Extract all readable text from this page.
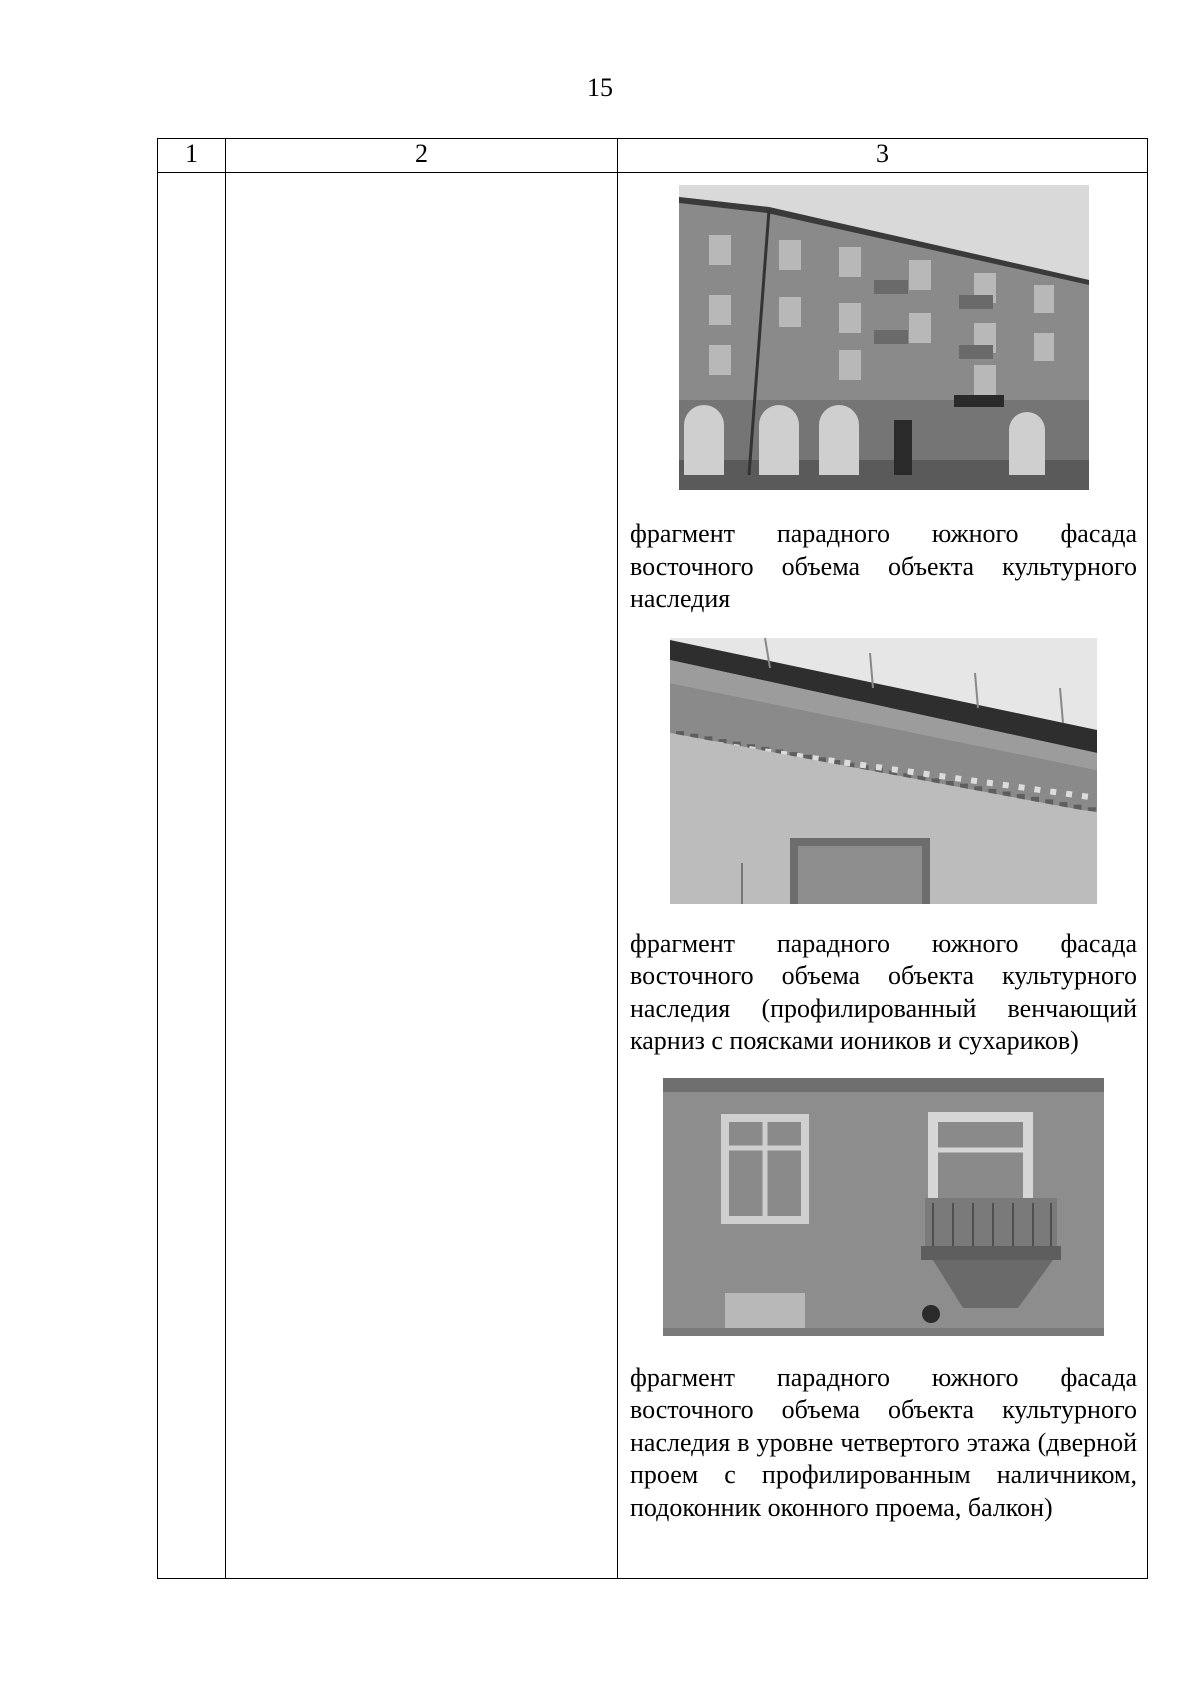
15
1	2	3

		фрагмент парадного южного фасада восточного объема объекта культурного наследия

фрагмент парадного южного фасада восточного объема объекта культурного наследия (профилированный венчающий карниз с поясками иоников и сухариков)

фрагмент парадного южного фасада восточного объема объекта культурного наследия в уровне четвертого этажа (дверной проем с профилированным наличником, подоконник оконного проема, балкон)
